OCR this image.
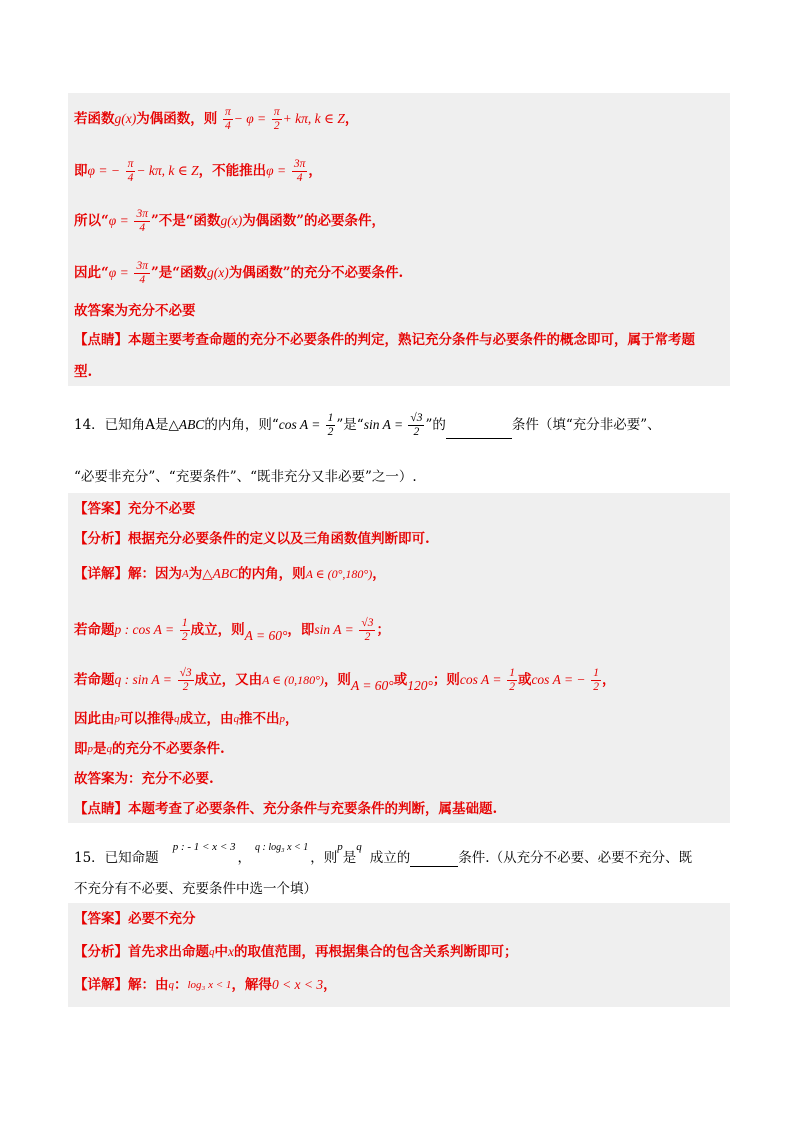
若函数g(x)为偶函数，则 $\frac{\pi}{4} - \varphi = \frac{\pi}{2} + k\pi$, k ∈ Z，
即φ = − $\frac{\pi}{4} - k\pi$, k ∈ Z，不能推出$\varphi = \frac{3\pi}{4}$ ，
所以“$\varphi = \frac{3\pi}{4}$ ”不是“函数g(x)为偶函数”的必要条件，
因此“$\varphi = \frac{3\pi}{4}$ ”是“函数g(x)为偶函数”的充分不必要条件.
故答案为充分不必要
【点睛】本题主要考查命题的充分不必要条件的判定，熟记充分条件与必要条件的概念即可，属于常考题
型.
14．已知角A是△ABC的内角，则“cos $A = \frac{1}{2}$ ”是“sin $A = \frac{√3}{2}$ ”的	条件（填“充分非必要”、
“必要非充分”、“充要条件”、“既非充分又非必要”之一）.
【答案】充分不必要
【分析】根据充分必要条件的定义以及三角函数值判断即可.
【详解】解：因为$^A$为△ABC的内角，则A ∈ (0°,180°)，
若命题p : $\cos A = \frac{1}{2}$ 成立，则A = 60°，即$\sin A = \frac{√3}{2}$ ；
若命题q : $\sin A = \frac{√3}{2}$ 成立，又由A ∈ (0,180°)，则A = 60°或120°；则$\cos A = \frac{1}{2}$ 或cos A = − $\frac{1}{2}$ ，
因此由$^p$可以推得$^q$成立，由$^q$推不出$^p$，
即$^p$是$^q$的充分不必要条件.
故答案为：充分不必要.
【点睛】本题考查了必要条件、充分条件与充要条件的判断，属基础题.
15．已知命题$^{p : - 1 < x < 3}$，$^{q : log_3 x < 1}$，则$^p$是$^q$成立的	条件.（从充分不必要、必要不充分、既
不充分有不必要、充要条件中选一个填）
【答案】必要不充分
【分析】首先求出命题$^q$中x的取值范围，再根据集合的包含关系判断即可；
【详解】解：由$^q$：$^{log_3 x < 1}$，解得0 < x < 3，
